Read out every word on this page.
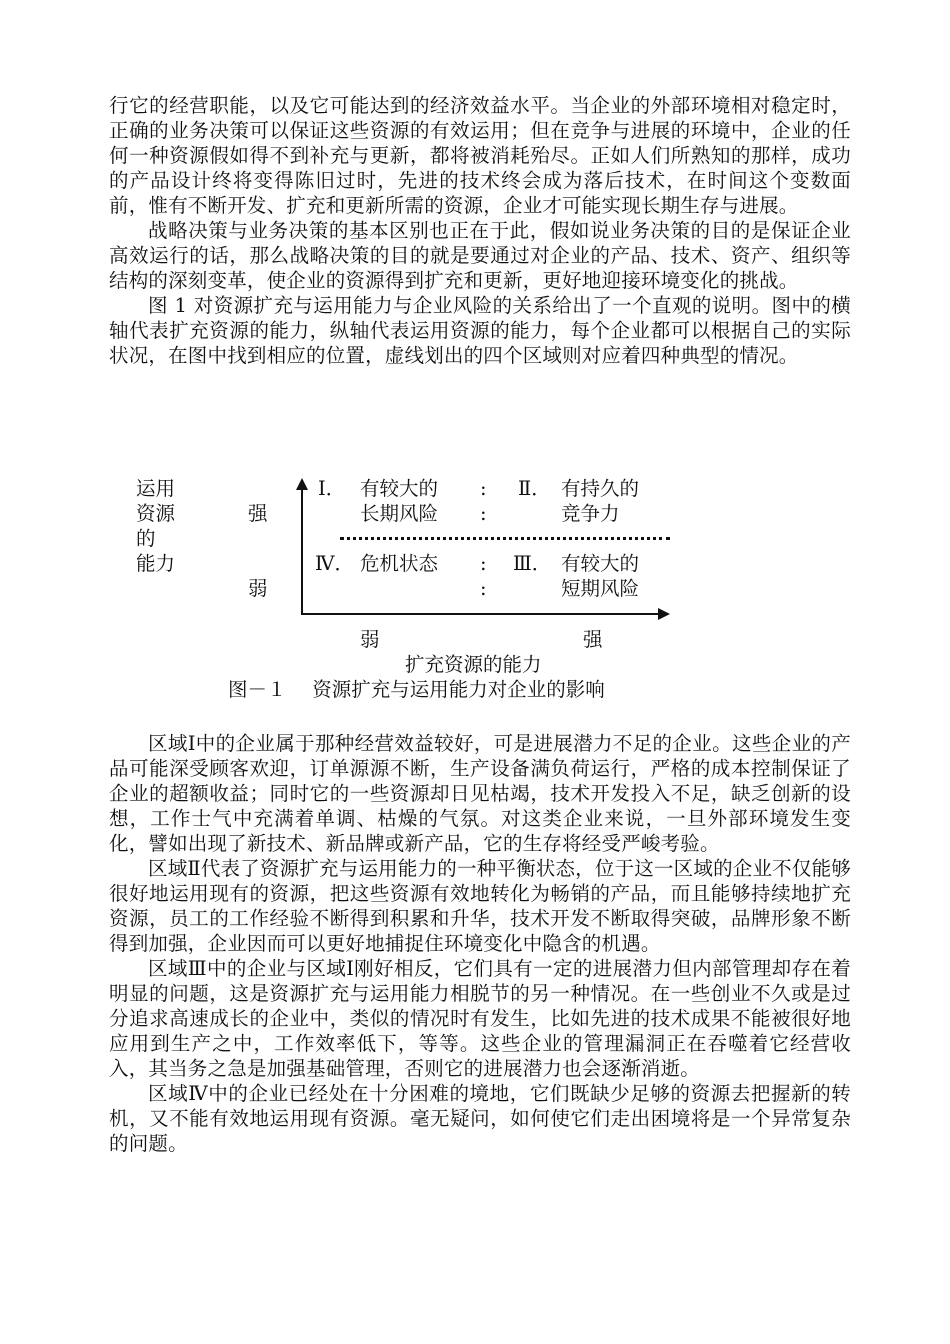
行它的经营职能，以及它可能达到的经济效益水平。当企业的外部环境相对稳定时，正确的业务决策可以保证这些资源的有效运用；但在竞争与进展的环境中，企业的任何一种资源假如得不到补充与更新，都将被消耗殆尽。正如人们所熟知的那样，成功的产品设计终将变得陈旧过时，先进的技术终会成为落后技术，在时间这个变数面前，惟有不断开发、扩充和更新所需的资源，企业才可能实现长期生存与进展。

战略决策与业务决策的基本区别也正在于此，假如说业务决策的目的是保证企业高效运行的话，那么战略决策的目的就是要通过对企业的产品、技术、资产、组织等结构的深刻变革，使企业的资源得到扩充和更新，更好地迎接环境变化的挑战。

图 1 对资源扩充与运用能力与企业风险的关系给出了一个直观的说明。图中的横轴代表扩充资源的能力，纵轴代表运用资源的能力，每个企业都可以根据自己的实际状况，在图中找到相应的位置，虚线划出的四个区域则对应着四种典型的情况。

运用
资源
的
能力
强
弱
:
:
:
:
Ⅰ． 有较大的
长期风险
Ⅱ． 有持久的
竞争力
Ⅳ． 危机状态	Ⅲ． 有较大的
短期风险
弱	强
扩充资源的能力
图－１　 资源扩充与运用能力对企业的影响

区域Ⅰ中的企业属于那种经营效益较好，可是进展潜力不足的企业。这些企业的产品可能深受顾客欢迎，订单源源不断，生产设备满负荷运行，严格的成本控制保证了企业的超额收益；同时它的一些资源却日见枯竭，技术开发投入不足，缺乏创新的设想，工作士气中充满着单调、枯燥的气氛。对这类企业来说，一旦外部环境发生变化，譬如出现了新技术、新品牌或新产品，它的生存将经受严峻考验。

区域Ⅱ代表了资源扩充与运用能力的一种平衡状态，位于这一区域的企业不仅能够很好地运用现有的资源，把这些资源有效地转化为畅销的产品，而且能够持续地扩充资源，员工的工作经验不断得到积累和升华，技术开发不断取得突破，品牌形象不断得到加强，企业因而可以更好地捕捉住环境变化中隐含的机遇。

区域Ⅲ中的企业与区域Ⅰ刚好相反，它们具有一定的进展潜力但内部管理却存在着明显的问题，这是资源扩充与运用能力相脱节的另一种情况。在一些创业不久或是过分追求高速成长的企业中，类似的情况时有发生，比如先进的技术成果不能被很好地应用到生产之中，工作效率低下，等等。这些企业的管理漏洞正在吞噬着它经营收入，其当务之急是加强基础管理，否则它的进展潜力也会逐渐消逝。

区域Ⅳ中的企业已经处在十分困难的境地，它们既缺少足够的资源去把握新的转机，又不能有效地运用现有资源。毫无疑问，如何使它们走出困境将是一个异常复杂的问题。
